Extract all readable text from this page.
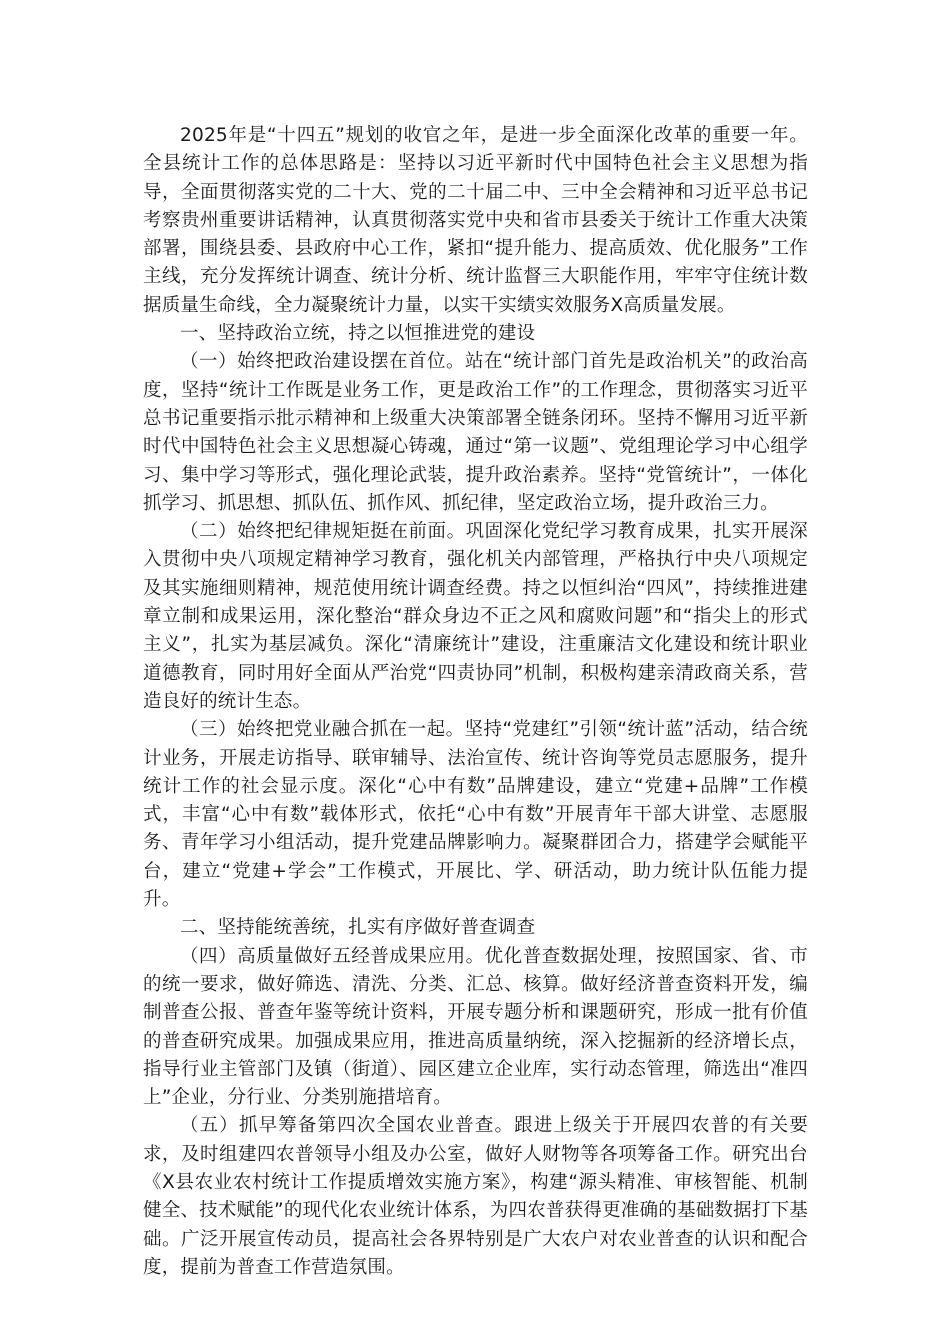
2025年是“十四五”规划的收官之年，是进一步全面深化改革的重要一年。全县统计工作的总体思路是：坚持以习近平新时代中国特色社会主义思想为指导，全面贯彻落实党的二十大、党的二十届二中、三中全会精神和习近平总书记考察贵州重要讲话精神，认真贯彻落实党中央和省市县委关于统计工作重大决策部署，围绕县委、县政府中心工作，紧扣“提升能力、提高质效、优化服务”工作主线，充分发挥统计调查、统计分析、统计监督三大职能作用，牢牢守住统计数据质量生命线，全力凝聚统计力量，以实干实绩实效服务X高质量发展。

一、坚持政治立统，持之以恒推进党的建设

（一）始终把政治建设摆在首位。站在“统计部门首先是政治机关”的政治高度，坚持“统计工作既是业务工作，更是政治工作”的工作理念，贯彻落实习近平总书记重要指示批示精神和上级重大决策部署全链条闭环。坚持不懈用习近平新时代中国特色社会主义思想凝心铸魂，通过“第一议题”、党组理论学习中心组学习、集中学习等形式，强化理论武装，提升政治素养。坚持“党管统计”，一体化抓学习、抓思想、抓队伍、抓作风、抓纪律，坚定政治立场，提升政治三力。

（二）始终把纪律规矩挺在前面。巩固深化党纪学习教育成果，扎实开展深入贯彻中央八项规定精神学习教育，强化机关内部管理，严格执行中央八项规定及其实施细则精神，规范使用统计调查经费。持之以恒纠治“四风”，持续推进建章立制和成果运用，深化整治“群众身边不正之风和腐败问题”和“指尖上的形式主义”，扎实为基层减负。深化“清廉统计”建设，注重廉洁文化建设和统计职业道德教育，同时用好全面从严治党“四责协同”机制，积极构建亲清政商关系，营造良好的统计生态。

（三）始终把党业融合抓在一起。坚持“党建红”引领“统计蓝”活动，结合统计业务，开展走访指导、联审辅导、法治宣传、统计咨询等党员志愿服务，提升统计工作的社会显示度。深化“心中有数”品牌建设，建立“党建+品牌”工作模式，丰富“心中有数”载体形式，依托“心中有数”开展青年干部大讲堂、志愿服务、青年学习小组活动，提升党建品牌影响力。凝聚群团合力，搭建学会赋能平台，建立“党建+学会”工作模式，开展比、学、研活动，助力统计队伍能力提升。

二、坚持能统善统，扎实有序做好普查调查

（四）高质量做好五经普成果应用。优化普查数据处理，按照国家、省、市的统一要求，做好筛选、清洗、分类、汇总、核算。做好经济普查资料开发，编制普查公报、普查年鉴等统计资料，开展专题分析和课题研究，形成一批有价值的普查研究成果。加强成果应用，推进高质量纳统，深入挖掘新的经济增长点，指导行业主管部门及镇（街道）、园区建立企业库，实行动态管理，筛选出“准四上”企业，分行业、分类别施措培育。

（五）抓早筹备第四次全国农业普查。跟进上级关于开展四农普的有关要求，及时组建四农普领导小组及办公室，做好人财物等各项筹备工作。研究出台《X县农业农村统计工作提质增效实施方案》，构建“源头精准、审核智能、机制健全、技术赋能”的现代化农业统计体系，为四农普获得更准确的基础数据打下基础。广泛开展宣传动员，提高社会各界特别是广大农户对农业普查的认识和配合度，提前为普查工作营造氛围。
